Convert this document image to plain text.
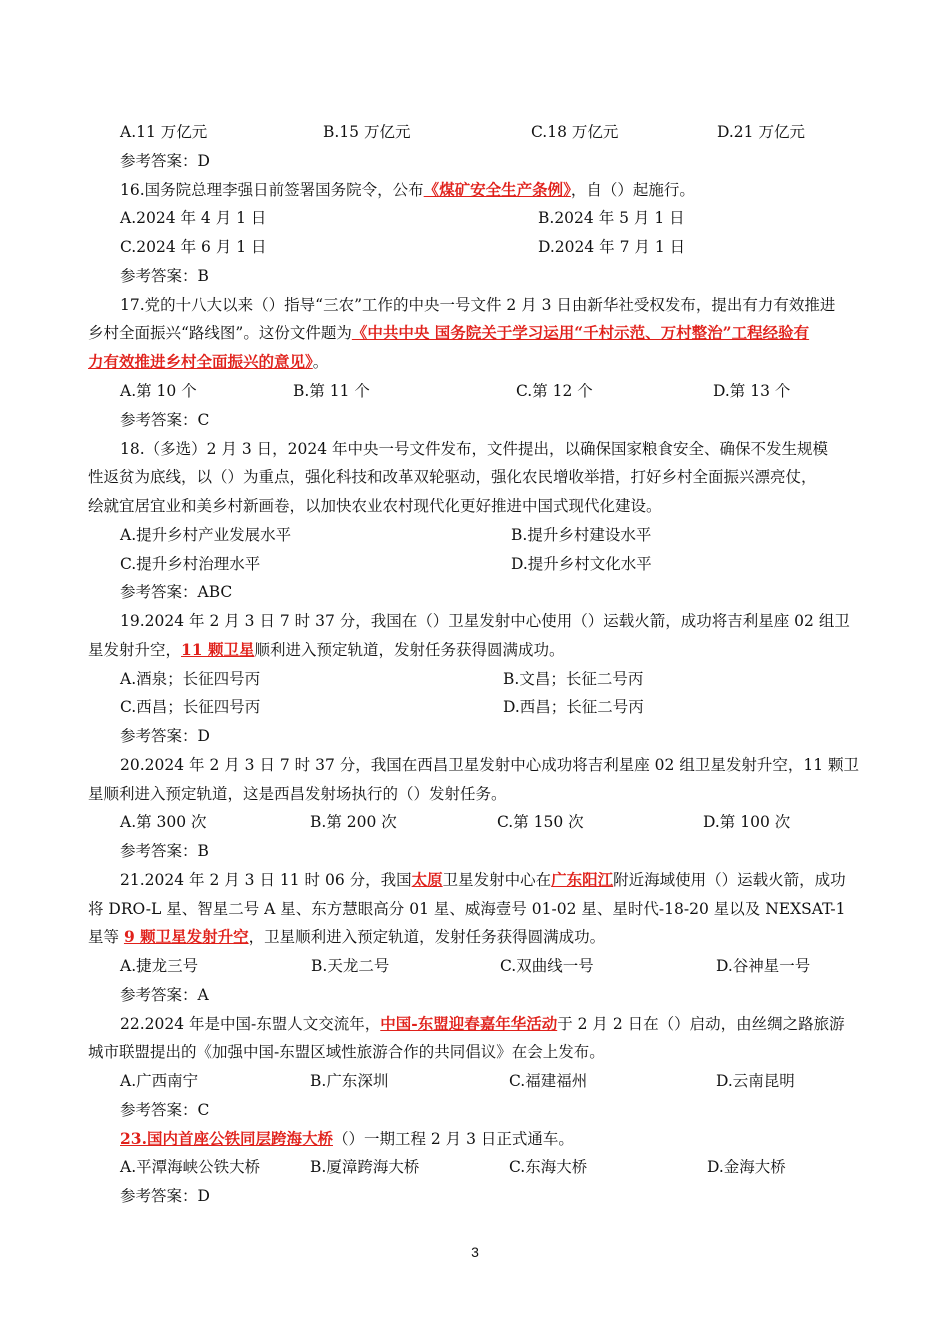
A.11 万亿元	B.15 万亿元	C.18 万亿元	D.21 万亿元
参考答案：D
16.国务院总理李强日前签署国务院令，公布《煤矿安全生产条例》，自（）起施行。
A.2024 年 4 月 1 日	B.2024 年 5 月 1 日
C.2024 年 6 月 1 日	D.2024 年 7 月 1 日
参考答案：B
17.党的十八大以来（）指导“三农”工作的中央一号文件 2 月 3 日由新华社受权发布，提出有力有效推进
乡村全面振兴“路线图”。这份文件题为《中共中央 国务院关于学习运用“千村示范、万村整治”工程经验有
力有效推进乡村全面振兴的意见》。
A.第 10 个	B.第 11 个	C.第 12 个	D.第 13 个
参考答案：C
18.（多选）2 月 3 日，2024 年中央一号文件发布，文件提出，以确保国家粮食安全、确保不发生规模
性返贫为底线，以（）为重点，强化科技和改革双轮驱动，强化农民增收举措，打好乡村全面振兴漂亮仗，
绘就宜居宜业和美乡村新画卷，以加快农业农村现代化更好推进中国式现代化建设。
A.提升乡村产业发展水平	B.提升乡村建设水平
C.提升乡村治理水平	D.提升乡村文化水平
参考答案：ABC
19.2024 年 2 月 3 日 7 时 37 分，我国在（）卫星发射中心使用（）运载火箭，成功将吉利星座 02 组卫
星发射升空，11 颗卫星顺利进入预定轨道，发射任务获得圆满成功。
A.酒泉；长征四号丙	B.文昌；长征二号丙
C.西昌；长征四号丙	D.西昌；长征二号丙
参考答案：D
20.2024 年 2 月 3 日 7 时 37 分，我国在西昌卫星发射中心成功将吉利星座 02 组卫星发射升空，11 颗卫
星顺利进入预定轨道，这是西昌发射场执行的（）发射任务。
A.第 300 次	B.第 200 次	C.第 150 次	D.第 100 次
参考答案：B
21.2024 年 2 月 3 日 11 时 06 分，我国太原卫星发射中心在广东阳江附近海域使用（）运载火箭，成功
将 DRO-L 星、智星二号 A 星、东方慧眼高分 01 星、威海壹号 01-02 星、星时代-18-20 星以及 NEXSAT-1
星等 9 颗卫星发射升空，卫星顺利进入预定轨道，发射任务获得圆满成功。
A.捷龙三号	B.天龙二号	C.双曲线一号	D.谷神星一号
参考答案：A
22.2024 年是中国-东盟人文交流年，中国-东盟迎春嘉年华活动于 2 月 2 日在（）启动，由丝绸之路旅游
城市联盟提出的《加强中国-东盟区域性旅游合作的共同倡议》在会上发布。
A.广西南宁	B.广东深圳	C.福建福州	D.云南昆明
参考答案：C
23.国内首座公铁同层跨海大桥（）一期工程 2 月 3 日正式通车。
A.平潭海峡公铁大桥	B.厦漳跨海大桥	C.东海大桥	D.金海大桥
参考答案：D
3
